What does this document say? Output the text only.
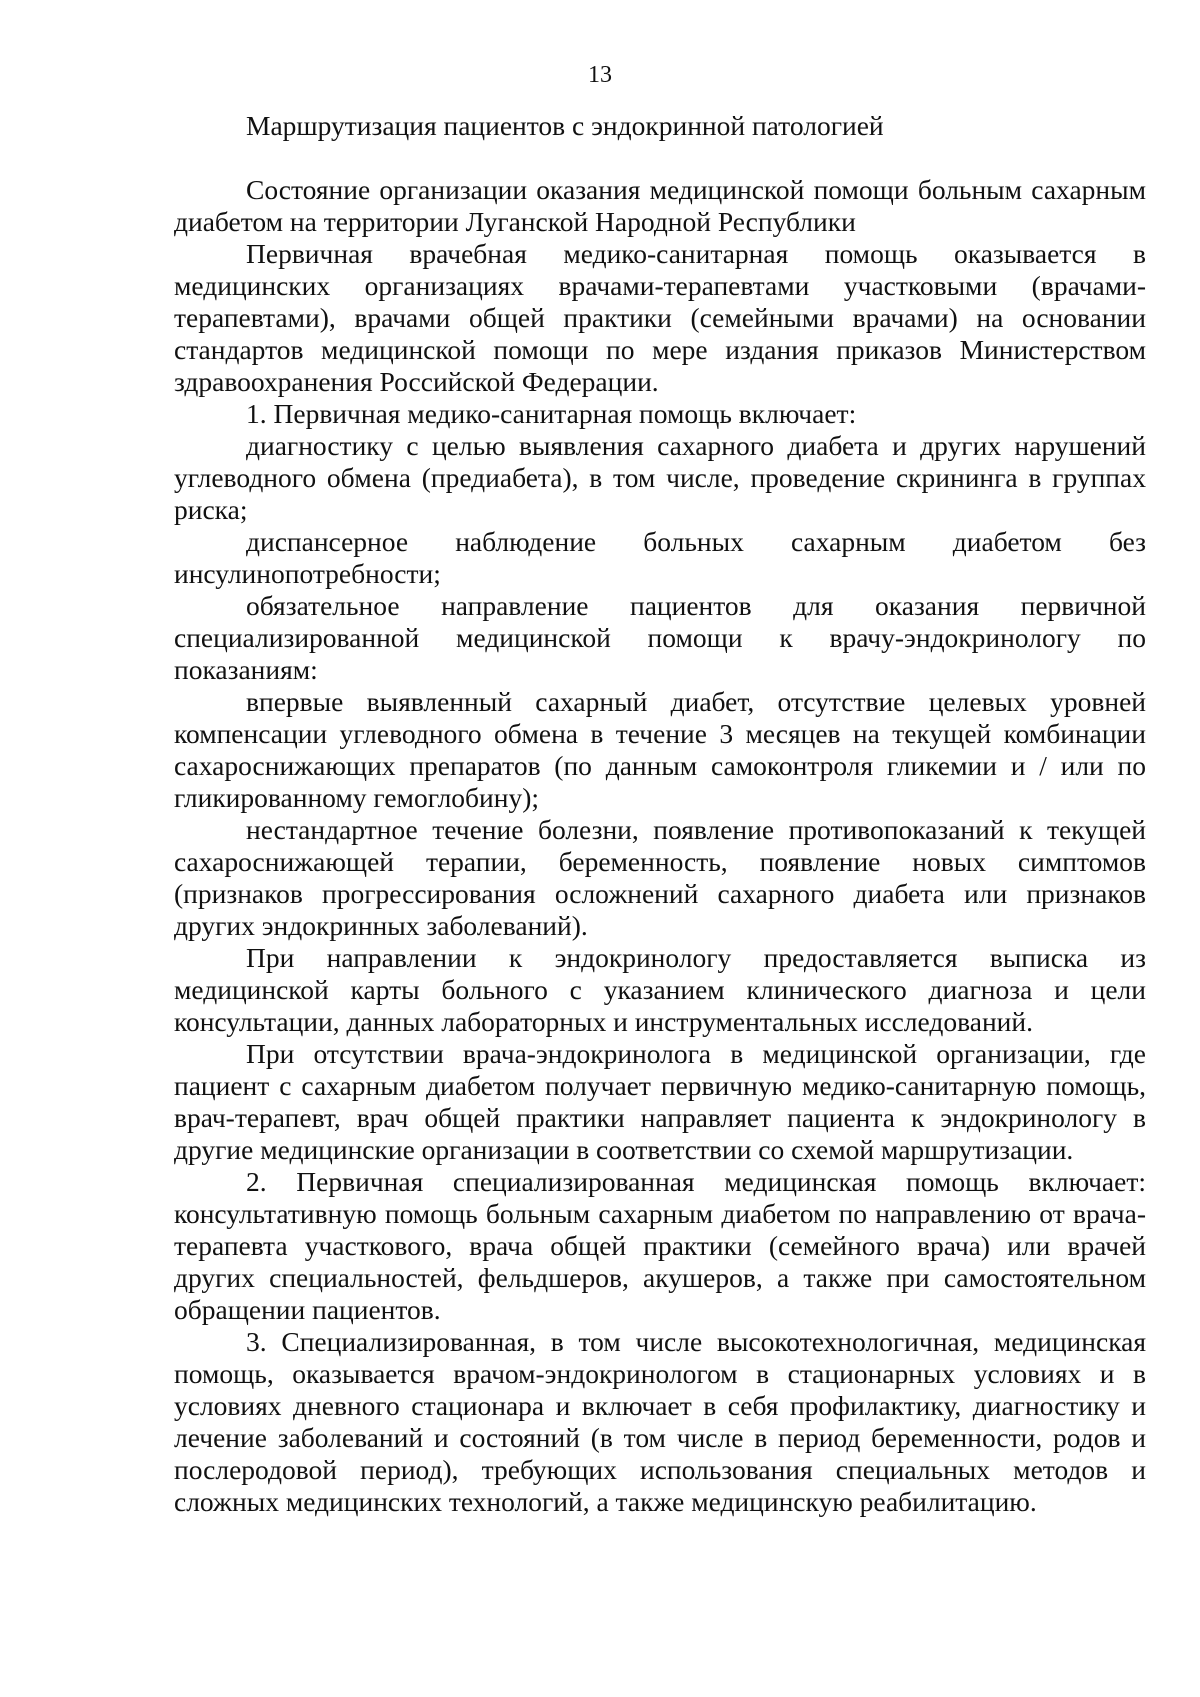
13

Маршрутизация пациентов с эндокринной патологией

Состояние организации оказания медицинской помощи больным сахарным диабетом на территории Луганской Народной Республики

Первичная врачебная медико-санитарная помощь оказывается в медицинских организациях врачами-терапевтами участковыми (врачами-терапевтами), врачами общей практики (семейными врачами) на основании стандартов медицинской помощи по мере издания приказов Министерством здравоохранения Российской Федерации.

1. Первичная медико-санитарная помощь включает:

диагностику с целью выявления сахарного диабета и других нарушений углеводного обмена (предиабета), в том числе, проведение скрининга в группах риска;

диспансерное наблюдение больных сахарным диабетом без инсулинопотребности;

обязательное направление пациентов для оказания первичной специализированной медицинской помощи к врачу-эндокринологу по показаниям:

впервые выявленный сахарный диабет, отсутствие целевых уровней компенсации углеводного обмена в течение 3 месяцев на текущей комбинации сахароснижающих препаратов (по данным самоконтроля гликемии и / или по гликированному гемоглобину);

нестандартное течение болезни, появление противопоказаний к текущей сахароснижающей терапии, беременность, появление новых симптомов (признаков прогрессирования осложнений сахарного диабета или признаков других эндокринных заболеваний).

При направлении к эндокринологу предоставляется выписка из медицинской карты больного с указанием клинического диагноза и цели консультации, данных лабораторных и инструментальных исследований.

При отсутствии врача-эндокринолога в медицинской организации, где пациент с сахарным диабетом получает первичную медико-санитарную помощь, врач-терапевт, врач общей практики направляет пациента к эндокринологу в другие медицинские организации в соответствии со схемой маршрутизации.

2. Первичная специализированная медицинская помощь включает: консультативную помощь больным сахарным диабетом по направлению от врача-терапевта участкового, врача общей практики (семейного врача) или врачей других специальностей, фельдшеров, акушеров, а также при самостоятельном обращении пациентов.

3. Специализированная, в том числе высокотехнологичная, медицинская помощь, оказывается врачом-эндокринологом в стационарных условиях и в условиях дневного стационара и включает в себя профилактику, диагностику и лечение заболеваний и состояний (в том числе в период беременности, родов и послеродовой период), требующих использования специальных методов и сложных медицинских технологий, а также медицинскую реабилитацию.
